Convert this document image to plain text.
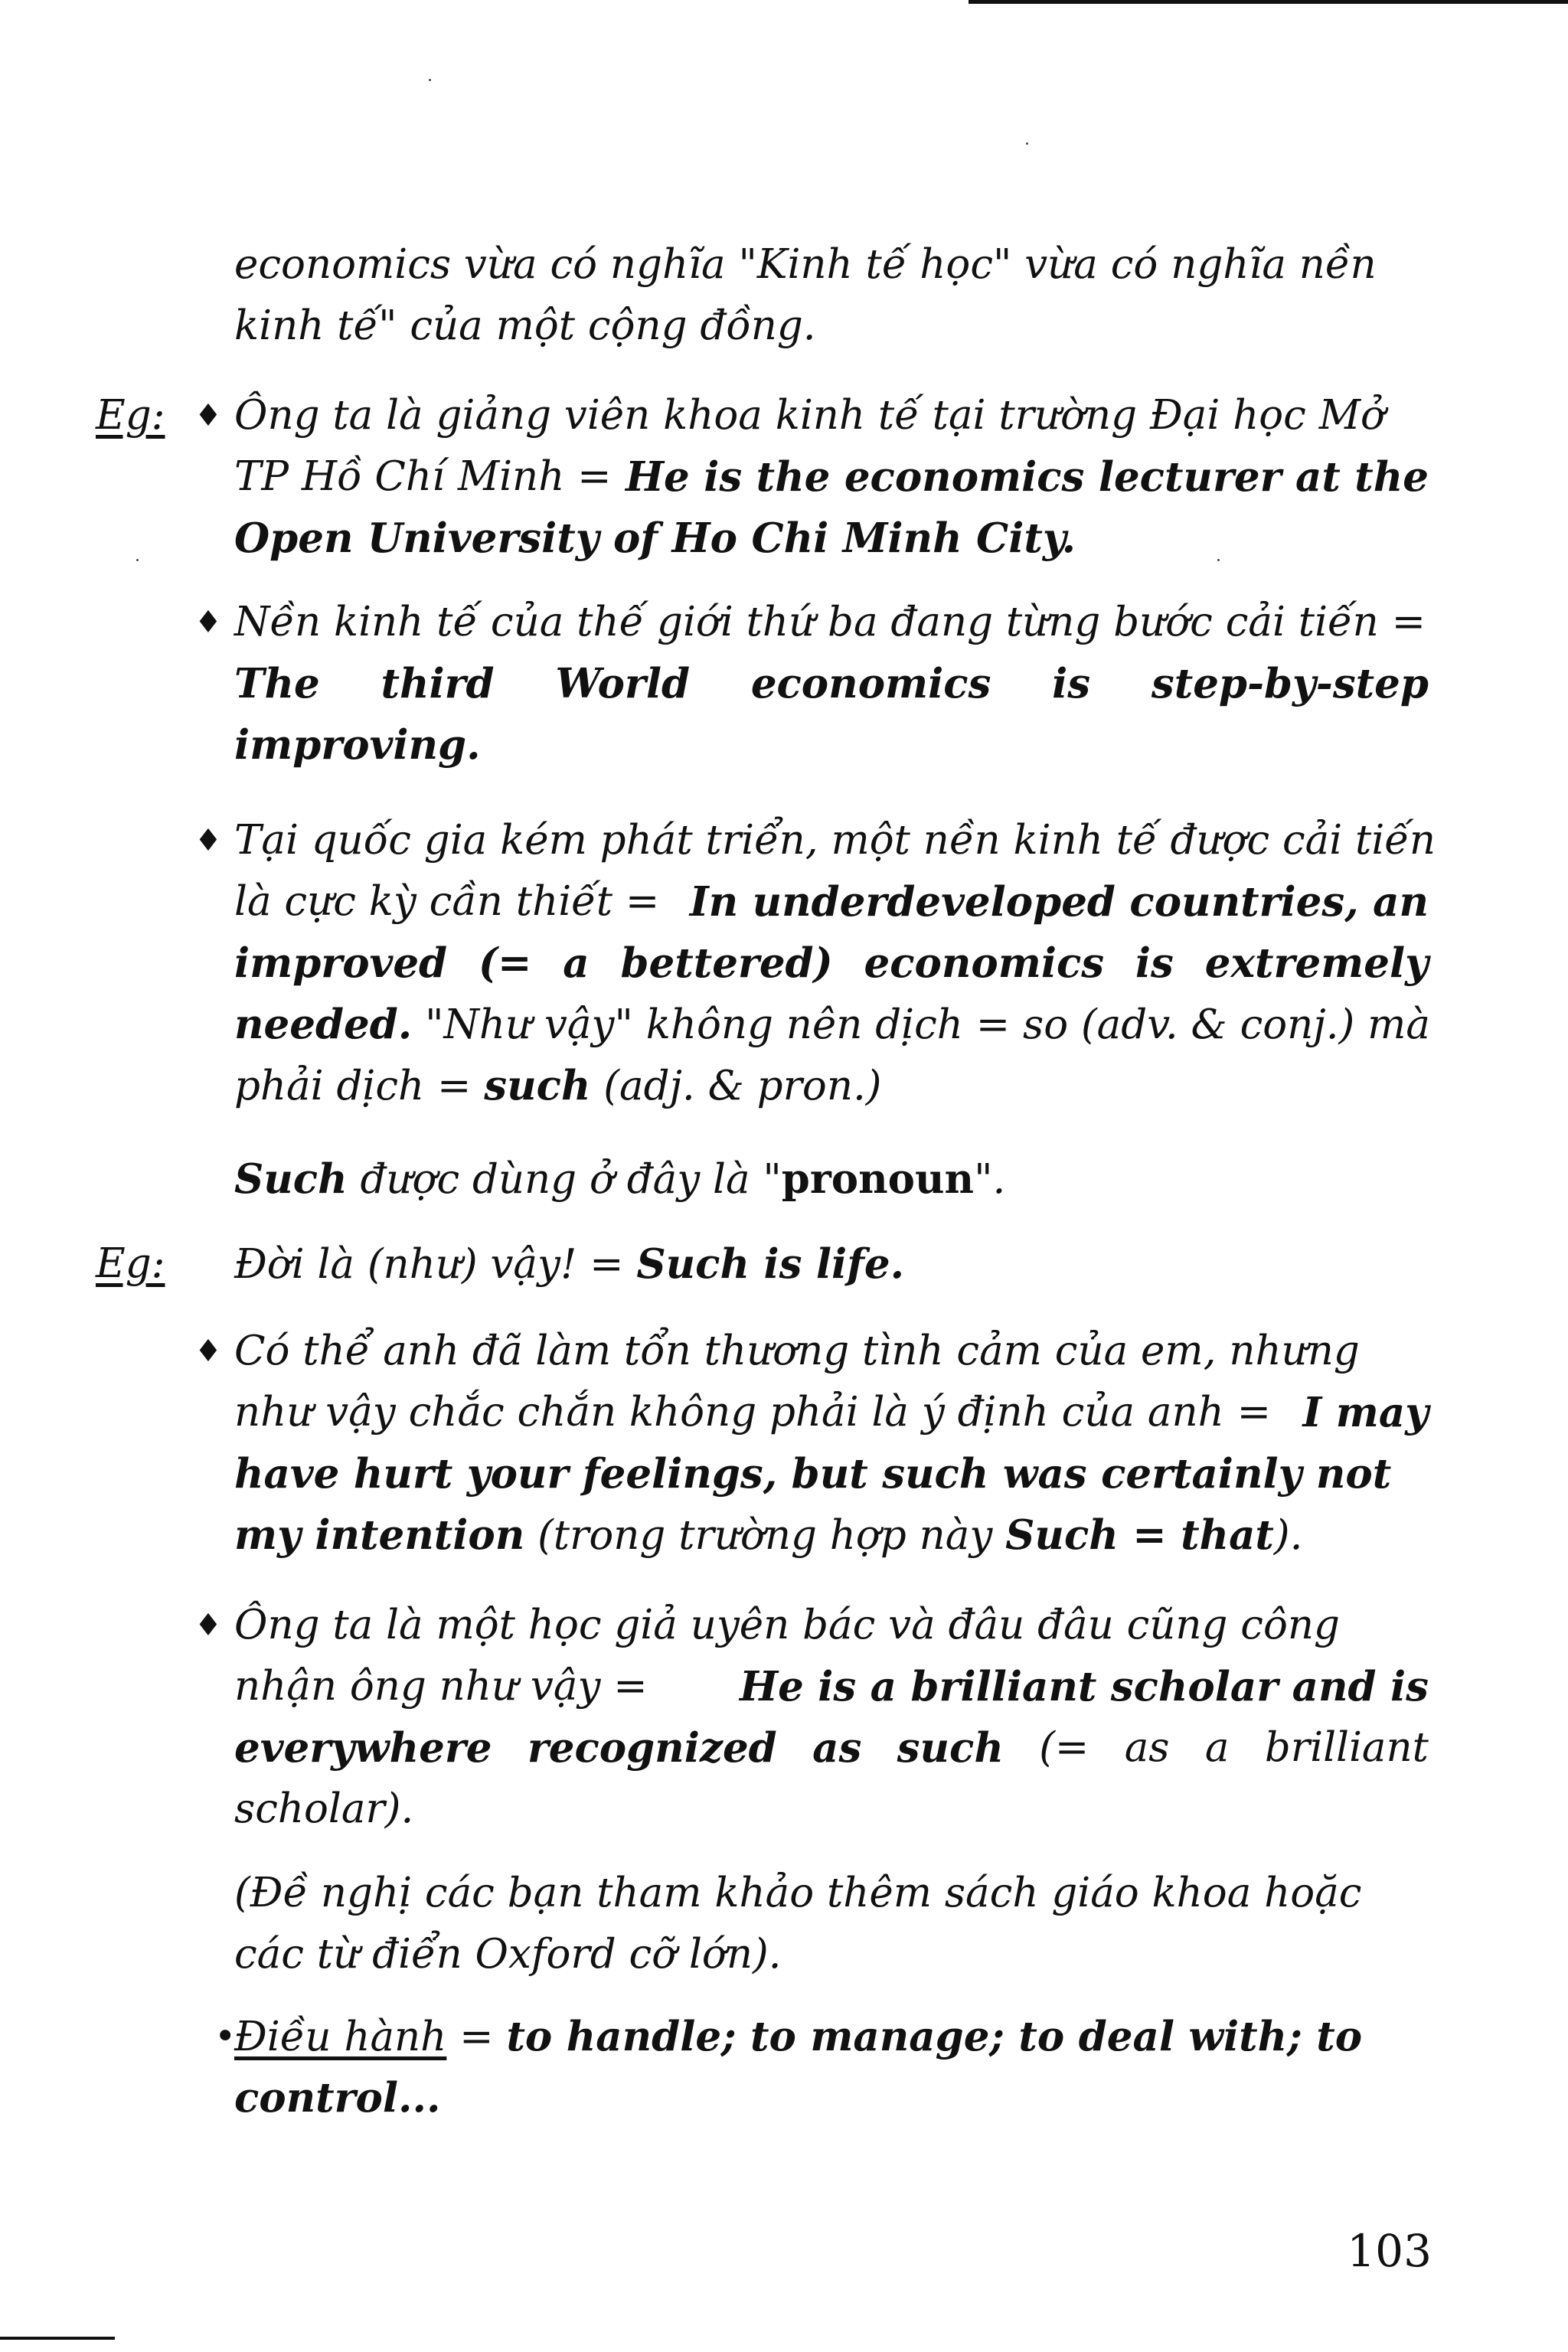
economics vừa có nghĩa "Kinh tế học" vừa có nghĩa nền
kinh tế" của một cộng đồng.
Eg: ♦ Ông ta là giảng viên khoa kinh tế tại trường Đại học Mở
TP Hồ Chí Minh = He is the economics lecturer at the
Open University of Ho Chi Minh City.
♦ Nền kinh tế của thế giới thứ ba đang từng bước cải tiến =
The third World economics is step-by-step
improving.
♦ Tại quốc gia kém phát triển, một nền kinh tế được cải tiến
là cực kỳ cần thiết = In underdeveloped countries, an
improved (= a bettered) economics is extremely
needed. "Như vậy" không nên dịch = so (adv. & conj.) mà
phải dịch = such (adj. & pron.)
Such được dùng ở đây là "pronoun".
Eg: Đời là (như) vậy! = Such is life.
♦ Có thể anh đã làm tổn thương tình cảm của em, nhưng
như vậy chắc chắn không phải là ý định của anh = I may
have hurt your feelings, but such was certainly not
my intention (trong trường hợp này Such = that).
♦ Ông ta là một học giả uyên bác và đâu đâu cũng công
nhận ông như vậy = He is a brilliant scholar and is
everywhere recognized as such (= as a brilliant
scholar).
(Đề nghị các bạn tham khảo thêm sách giáo khoa hoặc
các từ điển Oxford cỡ lớn).
•
Điều hành = to handle; to manage; to deal with; to
control...
103
